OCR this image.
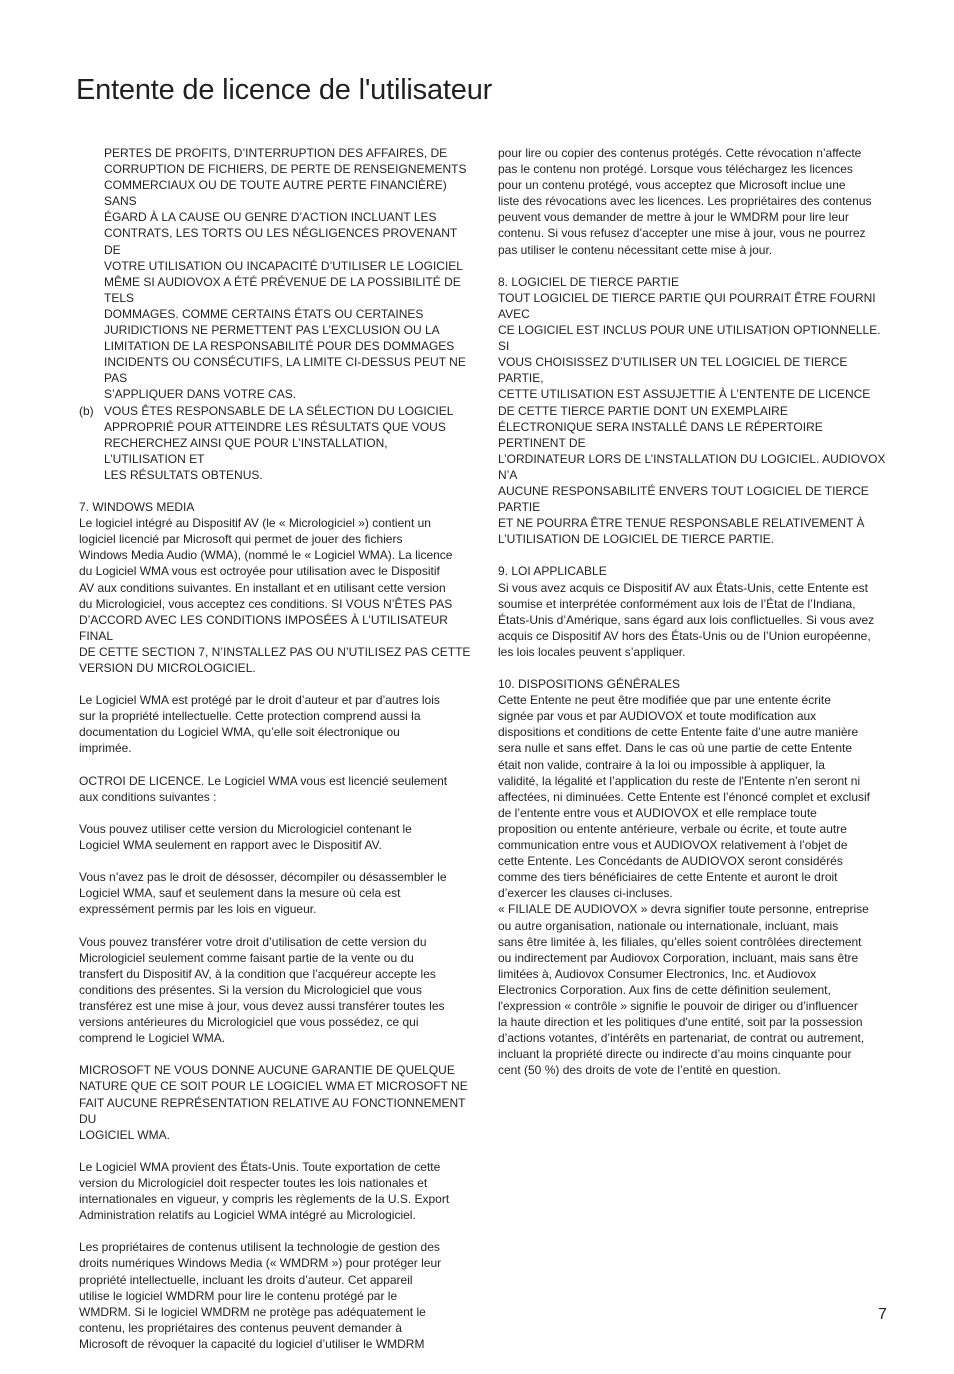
Entente de licence de l'utilisateur

PERTES DE PROFITS, D’INTERRUPTION DES AFFAIRES, DE
CORRUPTION DE FICHIERS, DE PERTE DE RENSEIGNEMENTS
COMMERCIAUX OU DE TOUTE AUTRE PERTE FINANCIÈRE) SANS
ÉGARD À LA CAUSE OU GENRE D’ACTION INCLUANT LES
CONTRATS, LES TORTS OU LES NÉGLIGENCES PROVENANT DE
VOTRE UTILISATION OU INCAPACITÉ D’UTILISER LE LOGICIEL
MÊME SI AUDIOVOX A ÉTÉ PRÉVENUE DE LA POSSIBILITÉ DE TELS
DOMMAGES. COMME CERTAINS ÉTATS OU CERTAINES
JURIDICTIONS NE PERMETTENT PAS L’EXCLUSION OU LA
LIMITATION DE LA RESPONSABILITÉ POUR DES DOMMAGES
INCIDENTS OU CONSÉCUTIFS, LA LIMITE CI-DESSUS PEUT NE PAS
S’APPLIQUER DANS VOTRE CAS.

(b) VOUS ÊTES RESPONSABLE DE LA SÉLECTION DU LOGICIEL
APPROPRIÉ POUR ATTEINDRE LES RÉSULTATS QUE VOUS
RECHERCHEZ AINSI QUE POUR L’INSTALLATION, L’UTILISATION ET
LES RÉSULTATS OBTENUS.
7. WINDOWS MEDIA

Le logiciel intégré au Dispositif AV (le « Micrologiciel ») contient un
logiciel licencié par Microsoft qui permet de jouer des fichiers
Windows Media Audio (WMA), (nommé le « Logiciel WMA). La licence
du Logiciel WMA vous est octroyée pour utilisation avec le Dispositif
AV aux conditions suivantes. En installant et en utilisant cette version
du Micrologiciel, vous acceptez ces conditions. SI VOUS N’ÊTES PAS
D’ACCORD AVEC LES CONDITIONS IMPOSÉES À L’UTILISATEUR FINAL
DE CETTE SECTION 7, N’INSTALLEZ PAS OU N’UTILISEZ PAS CETTE
VERSION DU MICROLOGICIEL.

Le Logiciel WMA est protégé par le droit d’auteur et par d’autres lois
sur la propriété intellectuelle. Cette protection comprend aussi la
documentation du Logiciel WMA, qu’elle soit électronique ou
imprimée.

OCTROI DE LICENCE. Le Logiciel WMA vous est licencié seulement
aux conditions suivantes :

Vous pouvez utiliser cette version du Micrologiciel contenant le
Logiciel WMA seulement en rapport avec le Dispositif AV.

Vous n’avez pas le droit de désosser, décompiler ou désassembler le
Logiciel WMA, sauf et seulement dans la mesure où cela est
expressément permis par les lois en vigueur.

Vous pouvez transférer votre droit d’utilisation de cette version du
Micrologiciel seulement comme faisant partie de la vente ou du
transfert du Dispositif AV, à la condition que l’acquéreur accepte les
conditions des présentes. Si la version du Micrologiciel que vous
transférez est une mise à jour, vous devez aussi transférer toutes les
versions antérieures du Micrologiciel que vous possédez, ce qui
comprend le Logiciel WMA.

MICROSOFT NE VOUS DONNE AUCUNE GARANTIE DE QUELQUE
NATURE QUE CE SOIT POUR LE LOGICIEL WMA ET MICROSOFT NE
FAIT AUCUNE REPRÉSENTATION RELATIVE AU FONCTIONNEMENT DU
LOGICIEL WMA.

Le Logiciel WMA provient des États-Unis. Toute exportation de cette
version du Micrologiciel doit respecter toutes les lois nationales et
internationales en vigueur, y compris les règlements de la U.S. Export
Administration relatifs au Logiciel WMA intégré au Micrologiciel.

Les propriétaires de contenus utilisent la technologie de gestion des
droits numériques Windows Media (« WMDRM ») pour protéger leur
propriété intellectuelle, incluant les droits d’auteur. Cet appareil
utilise le logiciel WMDRM pour lire le contenu protégé par le
WMDRM. Si le logiciel WMDRM ne protège pas adéquatement le
contenu, les propriétaires des contenus peuvent demander à
Microsoft de révoquer la capacité du logiciel d’utiliser le WMDRM

pour lire ou copier des contenus protégés. Cette révocation n’affecte
pas le contenu non protégé. Lorsque vous téléchargez les licences
pour un contenu protégé, vous acceptez que Microsoft inclue une
liste des révocations avec les licences. Les propriétaires des contenus
peuvent vous demander de mettre à jour le WMDRM pour lire leur
contenu. Si vous refusez d’accepter une mise à jour, vous ne pourrez
pas utiliser le contenu nécessitant cette mise à jour.

8. LOGICIEL DE TIERCE PARTIE

TOUT LOGICIEL DE TIERCE PARTIE QUI POURRAIT ÊTRE FOURNI AVEC
CE LOGICIEL EST INCLUS POUR UNE UTILISATION OPTIONNELLE. SI
VOUS CHOISISSEZ D’UTILISER UN TEL LOGICIEL DE TIERCE PARTIE,
CETTE UTILISATION EST ASSUJETTIE À L’ENTENTE DE LICENCE
DE CETTE TIERCE PARTIE DONT UN EXEMPLAIRE
ÉLECTRONIQUE SERA INSTALLÉ DANS LE RÉPERTOIRE PERTINENT DE
L’ORDINATEUR LORS DE L’INSTALLATION DU LOGICIEL. AUDIOVOX N’A
AUCUNE RESPONSABILITÉ ENVERS TOUT LOGICIEL DE TIERCE PARTIE
ET NE POURRA ÊTRE TENUE RESPONSABLE RELATIVEMENT À
L’UTILISATION DE LOGICIEL DE TIERCE PARTIE.

9. LOI APPLICABLE

Si vous avez acquis ce Dispositif AV aux États-Unis, cette Entente est
soumise et interprétée conformément aux lois de l’État de l’Indiana,
États-Unis d’Amérique, sans égard aux lois conflictuelles. Si vous avez
acquis ce Dispositif AV hors des États-Unis ou de l’Union européenne,
les lois locales peuvent s’appliquer.

10. DISPOSITIONS GÉNÉRALES

Cette Entente ne peut être modifiée que par une entente écrite
signée par vous et par AUDIOVOX et toute modification aux
dispositions et conditions de cette Entente faite d’une autre manière
sera nulle et sans effet. Dans le cas où une partie de cette Entente
était non valide, contraire à la loi ou impossible à appliquer, la
validité, la légalité et l’application du reste de l'Entente n'en seront ni
affectées, ni diminuées. Cette Entente est l’énoncé complet et exclusif
de l’entente entre vous et AUDIOVOX et elle remplace toute
proposition ou entente antérieure, verbale ou écrite, et toute autre
communication entre vous et AUDIOVOX relativement à l’objet de
cette Entente. Les Concédants de AUDIOVOX seront considérés
comme des tiers bénéficiaires de cette Entente et auront le droit
d’exercer les clauses ci-incluses.

« FILIALE DE AUDIOVOX » devra signifier toute personne, entreprise
ou autre organisation, nationale ou internationale, incluant, mais
sans être limitée à, les filiales, qu’elles soient contrôlées directement
ou indirectement par Audiovox Corporation, incluant, mais sans être
limitées à, Audiovox Consumer Electronics, Inc. et Audiovox
Electronics Corporation. Aux fins de cette définition seulement,
l'expression « contrôle » signifie le pouvoir de diriger ou d’influencer
la haute direction et les politiques d'une entité, soit par la possession
d’actions votantes, d’intérêts en partenariat, de contrat ou autrement,
incluant la propriété directe ou indirecte d’au moins cinquante pour
cent (50 %) des droits de vote de l’entité en question.

7
